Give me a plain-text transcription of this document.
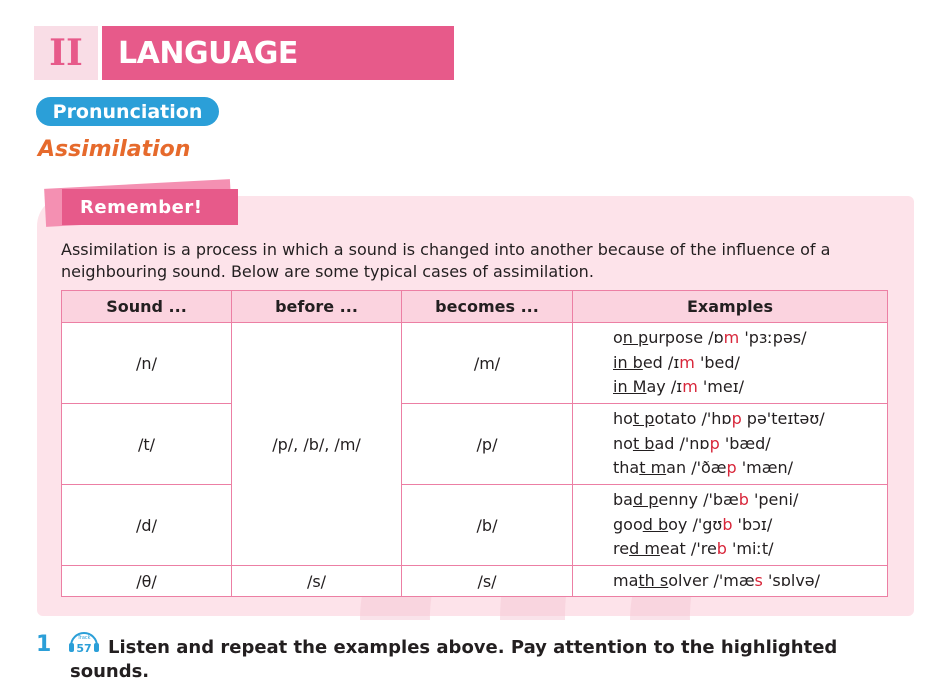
II	LANGUAGE
Pronunciation
Assimilation
Remember!
Assimilation is a process in which a sound is changed into another because of the influence of a neighbouring sound. Below are some typical cases of assimilation.
Sound ...	before ...	becomes ...	Examples
/n/	/p/, /b/, /m/	/m/	on purpose /ɒm 'pɜːpəs/
in bed /ɪm 'bed/
in May /ɪm 'meɪ/

/t/		/p/	hot potato /'hɒp pə'teɪtəʊ/
not bad /'nɒp 'bæd/
that man /'ðæp 'mæn/

/d/		/b/	bad penny /'bæb 'peni/
good boy /'gʊb 'bɔɪ/
red meat /'reb 'miːt/

/θ/	/s/	/s/	math solver /'mæs 'sɒlvə/
1	Track
57 Listen and repeat the examples above. Pay attention to the highlighted sounds.
